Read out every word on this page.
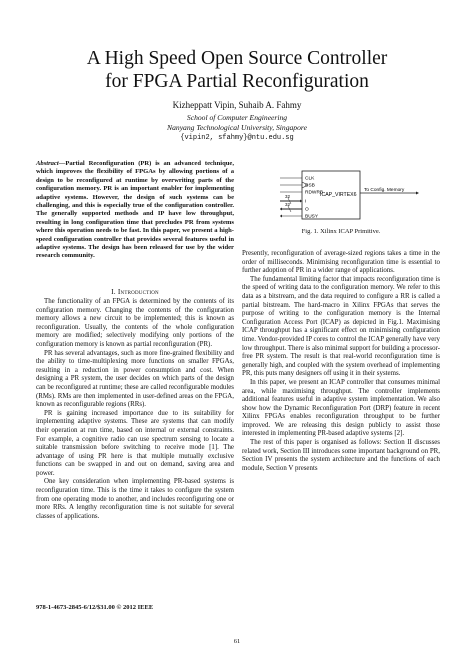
A High Speed Open Source Controller
for FPGA Partial Reconfiguration
Kizheppatt Vipin, Suhaib A. Fahmy
School of Computer Engineering
Nanyang Technological University, Singapore
{vipin2, sfahmy}@ntu.edu.sg
Abstract—Partial Reconfiguration (PR) is an advanced technique, which improves the flexibility of FPGAs by allowing portions of a design to be reconfigured at runtime by overwriting parts of the configuration memory. PR is an important enabler for implementing adaptive systems. However, the design of such systems can be challenging, and this is especially true of the configuration controller. The generally supported methods and IP have low throughput, resulting in long configuration time that precludes PR from systems where this operation needs to be fast. In this paper, we present a high-speed configuration controller that provides several features useful in adaptive systems. The design has been released for use by the wider research community.
32
32
CLK
CSB
RDWRB
I
O
BUSY
ICAP_VIRTEX6
To Config. Memory
Fig. 1. Xilinx ICAP Primitive.
I. Introduction

The functionality of an FPGA is determined by the contents of its configuration memory. Changing the contents of the configuration memory allows a new circuit to be implemented; this is known as reconfiguration. Usually, the contents of the whole configuration memory are modified; selectively modifying only portions of the configuration memory is known as partial reconfiguration (PR).

PR has several advantages, such as more fine-grained flexibility and the ability to time-multiplexing more functions on smaller FPGAs, resulting in a reduction in power consumption and cost. When designing a PR system, the user decides on which parts of the design can be reconfigured at runtime; these are called reconfigurable modules (RMs). RMs are then implemented in user-defined areas on the FPGA, known as reconfigurable regions (RRs).

PR is gaining increased importance due to its suitability for implementing adaptive systems. These are systems that can modify their operation at run time, based on internal or external constraints. For example, a cognitive radio can use spectrum sensing to locate a suitable transmission before switching to receive mode [1]. The advantage of using PR here is that multiple mutually exclusive functions can be swapped in and out on demand, saving area and power.

One key consideration when implementing PR-based systems is reconfiguration time. This is the time it takes to configure the system from one operating mode to another, and includes reconfiguring one or more RRs. A lengthy reconfiguration time is not suitable for several classes of applications.

Presently, reconfiguration of average-sized regions takes a time in the order of milliseconds. Minimising reconfiguration time is essential to further adoption of PR in a wider range of applications.

The fundamental limiting factor that impacts reconfiguration time is the speed of writing data to the configuration memory. We refer to this data as a bitstream, and the data required to configure a RR is called a partial bitstream. The hard-macro in Xilinx FPGAs that serves the purpose of writing to the configuration memory is the Internal Configuration Access Port (ICAP) as depicted in Fig.1. Maximising ICAP throughput has a significant effect on minimising configuration time. Vendor-provided IP cores to control the ICAP generally have very low throughput. There is also minimal support for building a processor-free PR system. The result is that real-world reconfiguration time is generally high, and coupled with the system overhead of implementing PR, this puts many designers off using it in their systems.

In this paper, we present an ICAP controller that consumes minimal area, while maximising throughput. The controller implements additional features useful in adaptive system implementation. We also show how the Dynamic Reconfiguration Port (DRP) feature in recent Xilinx FPGAs enables reconfiguration throughput to be further improved. We are releasing this design publicly to assist those interested in implementing PR-based adaptive systems [2].

The rest of this paper is organised as follows: Section II discusses related work, Section III introduces some important background on PR, Section IV presents the system architecture and the functions of each module, Section V presents

978-1-4673-2845-6/12/$31.00 © 2012 IEEE
61
